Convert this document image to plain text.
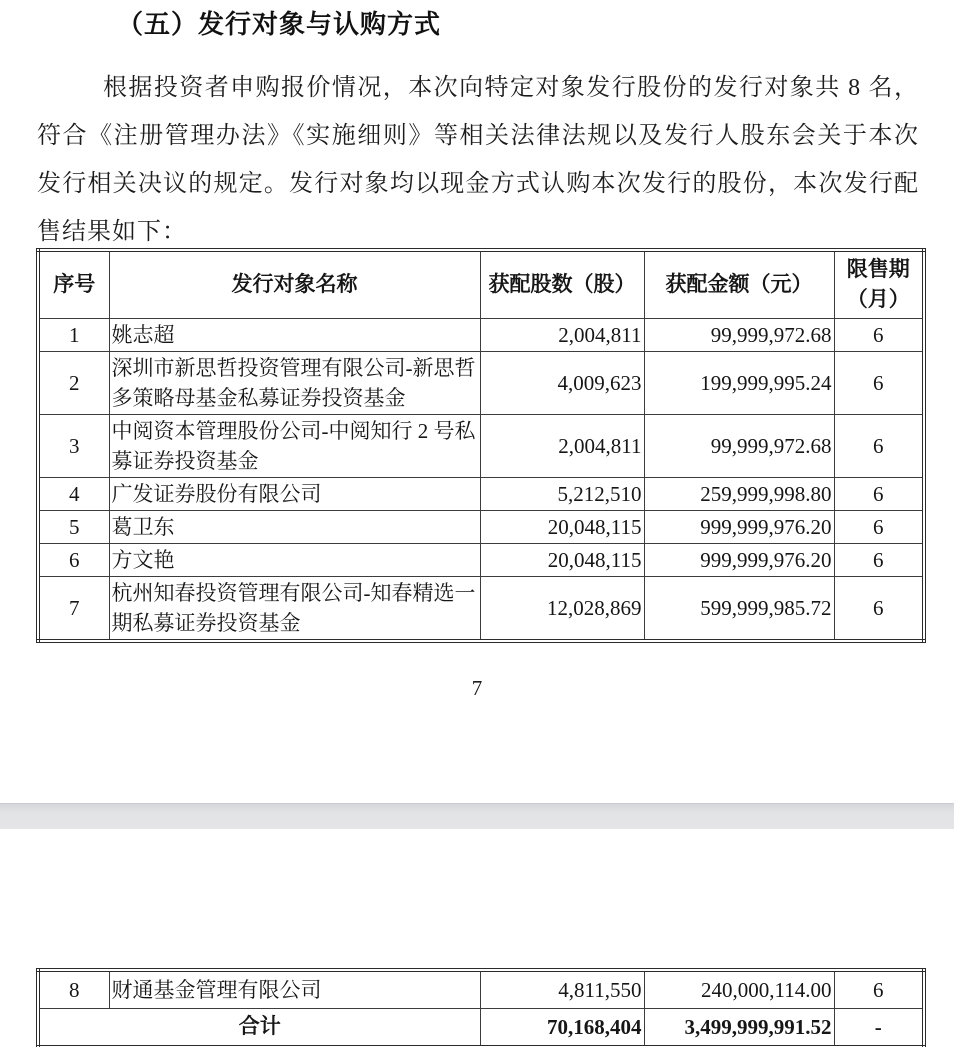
（五）发行对象与认购方式

根据投资者申购报价情况，本次向特定对象发行股份的发行对象共 8 名，符合《注册管理办法》《实施细则》等相关法律法规以及发行人股东会关于本次发行相关决议的规定。发行对象均以现金方式认购本次发行的股份，本次发行配售结果如下：

序号	发行对象名称	获配股数（股）	获配金额（元）	限售期（月）
1	姚志超	2,004,811	99,999,972.68	6
2	深圳市新思哲投资管理有限公司-新思哲多策略母基金私募证券投资基金	4,009,623	199,999,995.24	6
3	中阅资本管理股份公司-中阅知行 2 号私募证券投资基金	2,004,811	99,999,972.68	6
4	广发证券股份有限公司	5,212,510	259,999,998.80	6
5	葛卫东	20,048,115	999,999,976.20	6
6	方文艳	20,048,115	999,999,976.20	6
7	杭州知春投资管理有限公司-知春精选一期私募证券投资基金	12,028,869	599,999,985.72	6
7
8	财通基金管理有限公司	4,811,550	240,000,114.00	6
合计		70,168,404	3,499,999,991.52	-
